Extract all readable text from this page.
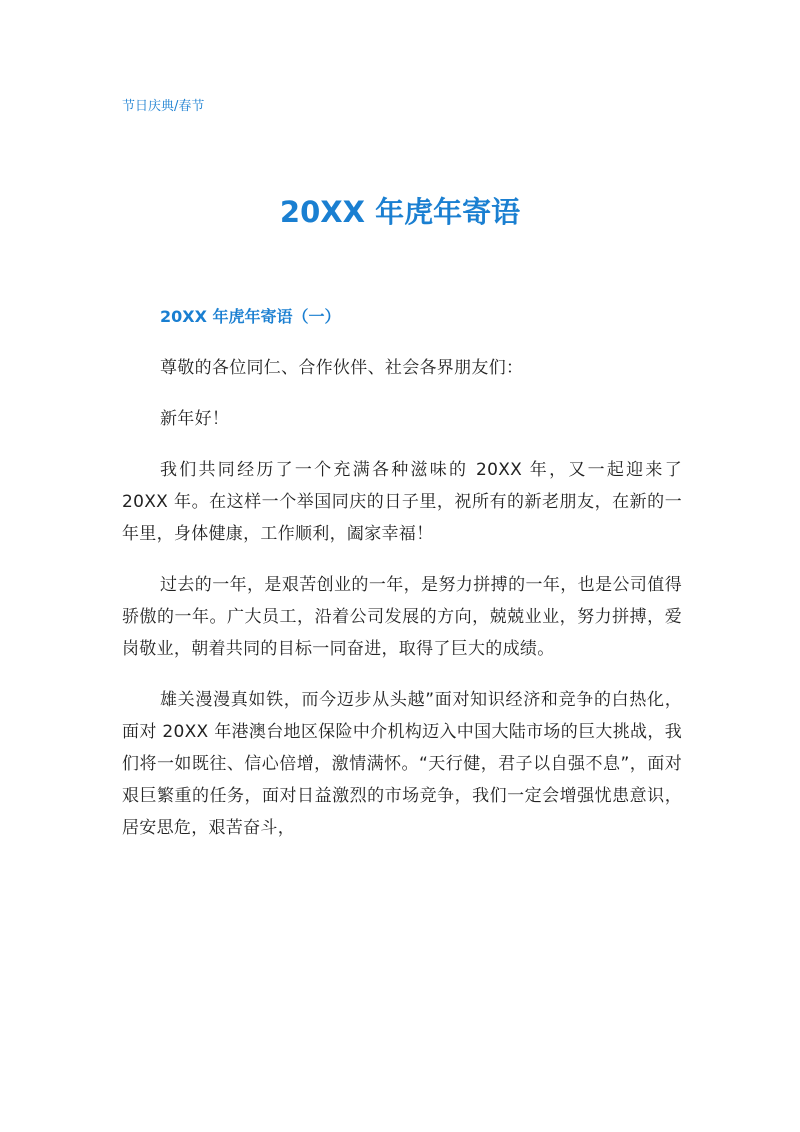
节日庆典/春节
20XX 年虎年寄语
20XX 年虎年寄语（一）

尊敬的各位同仁、合作伙伴、社会各界朋友们：

新年好！

我们共同经历了一个充满各种滋味的 20XX 年，又一起迎来了 20XX 年。在这样一个举国同庆的日子里，祝所有的新老朋友，在新的一年里，身体健康，工作顺利，阖家幸福！

过去的一年，是艰苦创业的一年，是努力拼搏的一年，也是公司值得骄傲的一年。广大员工，沿着公司发展的方向，兢兢业业，努力拼搏，爱岗敬业，朝着共同的目标一同奋进，取得了巨大的成绩。

雄关漫漫真如铁，而今迈步从头越”面对知识经济和竞争的白热化，面对 20XX 年港澳台地区保险中介机构迈入中国大陆市场的巨大挑战，我们将一如既往、信心倍增，激情满怀。“天行健，君子以自强不息”，面对艰巨繁重的任务，面对日益激烈的市场竞争，我们一定会增强忧患意识，居安思危，艰苦奋斗，
